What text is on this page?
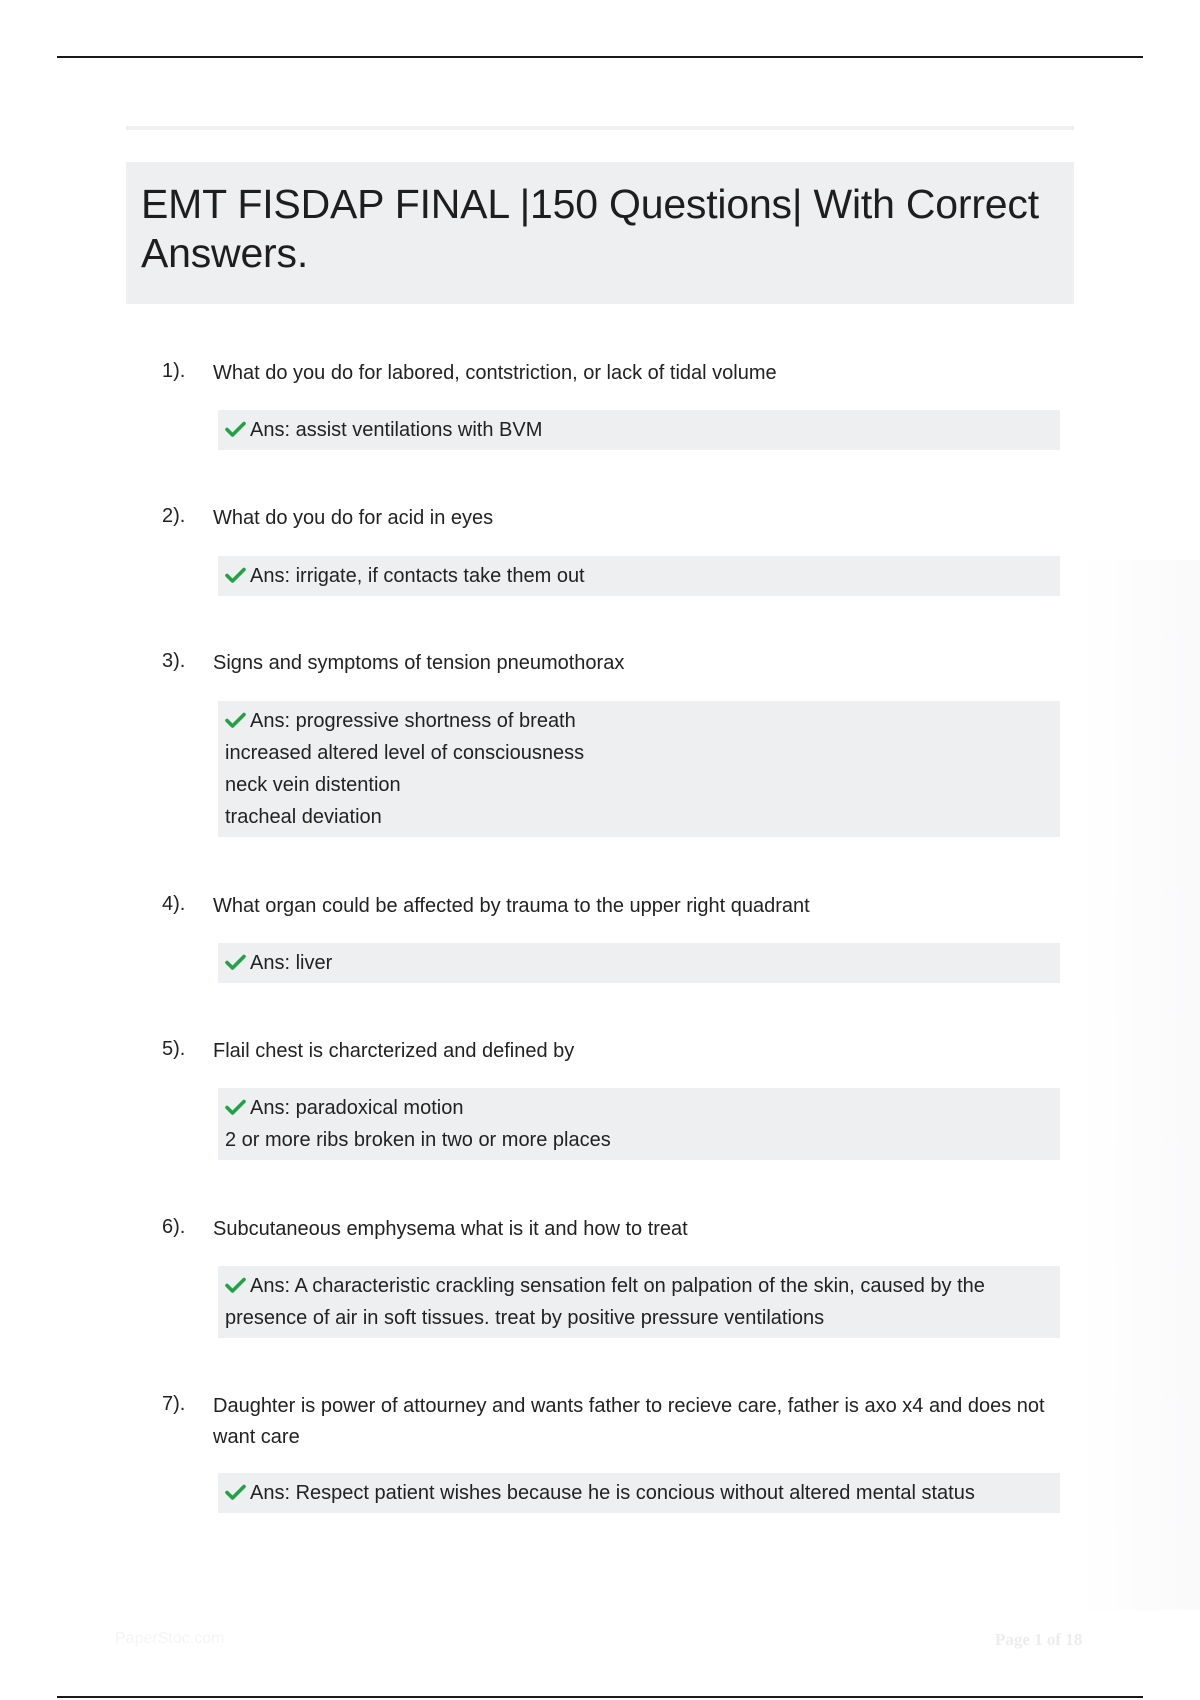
EMT FISDAP FINAL |150 Questions| With Correct Answers.
1). What do you do for labored, contstriction, or lack of tidal volume
Ans: assist ventilations with BVM
2). What do you do for acid in eyes
Ans: irrigate, if contacts take them out
3). Signs and symptoms of tension pneumothorax
Ans: progressive shortness of breath
increased altered level of consciousness
neck vein distention
tracheal deviation
4). What organ could be affected by trauma to the upper right quadrant
Ans: liver
5). Flail chest is charcterized and defined by
Ans: paradoxical motion
2 or more ribs broken in two or more places
6). Subcutaneous emphysema what is it and how to treat
Ans: A characteristic crackling sensation felt on palpation of the skin, caused by the presence of air in soft tissues. treat by positive pressure ventilations
7). Daughter is power of attourney and wants father to recieve care, father is axo x4 and does not want care
Ans: Respect patient wishes because he is concious without altered mental status
PaperStoc.com	Page 1 of 18
